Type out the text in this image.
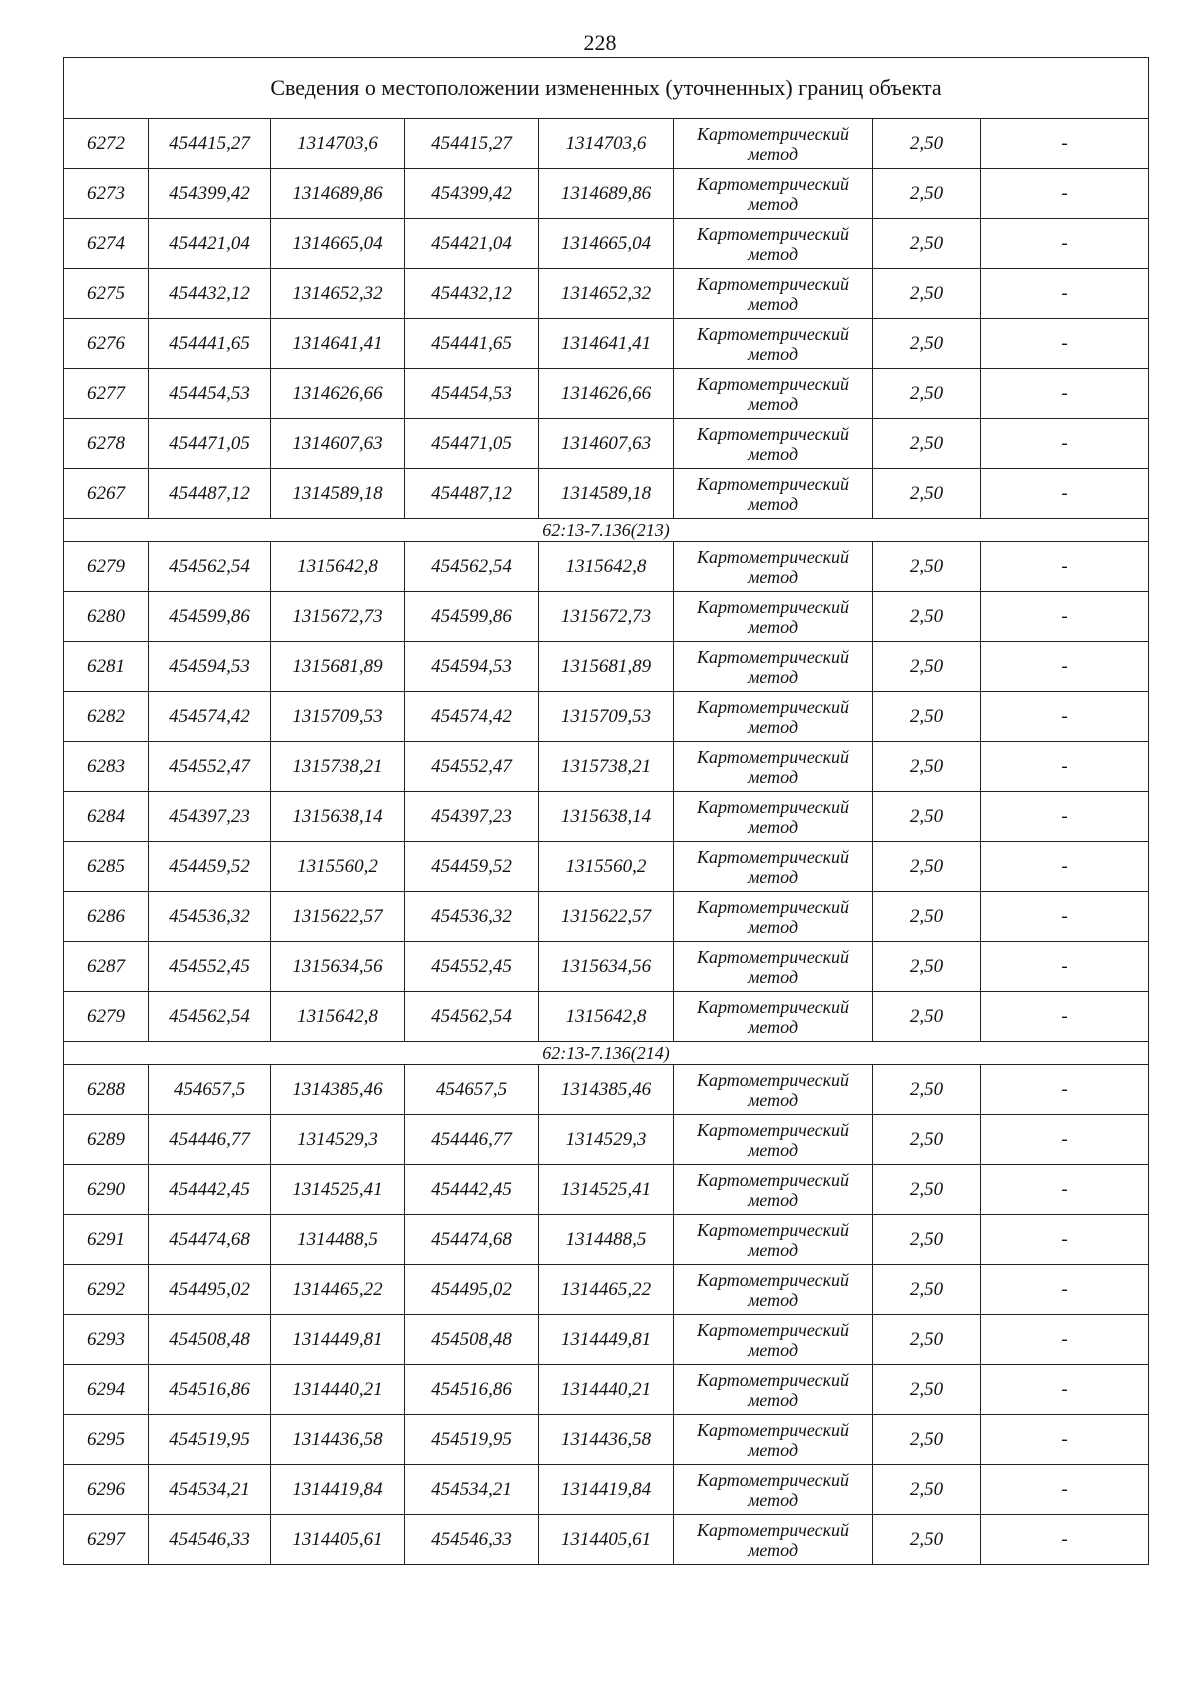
228
Сведения о местоположении измененных (уточненных) границ объекта							
6272	454415,27	1314703,6	454415,27	1314703,6	Картометрический метод	2,50	-
6273	454399,42	1314689,86	454399,42	1314689,86	Картометрический метод	2,50	-
6274	454421,04	1314665,04	454421,04	1314665,04	Картометрический метод	2,50	-
6275	454432,12	1314652,32	454432,12	1314652,32	Картометрический метод	2,50	-
6276	454441,65	1314641,41	454441,65	1314641,41	Картометрический метод	2,50	-
6277	454454,53	1314626,66	454454,53	1314626,66	Картометрический метод	2,50	-
6278	454471,05	1314607,63	454471,05	1314607,63	Картометрический метод	2,50	-
6267	454487,12	1314589,18	454487,12	1314589,18	Картометрический метод	2,50	-
62:13-7.136(213)							
6279	454562,54	1315642,8	454562,54	1315642,8	Картометрический метод	2,50	-
6280	454599,86	1315672,73	454599,86	1315672,73	Картометрический метод	2,50	-
6281	454594,53	1315681,89	454594,53	1315681,89	Картометрический метод	2,50	-
6282	454574,42	1315709,53	454574,42	1315709,53	Картометрический метод	2,50	-
6283	454552,47	1315738,21	454552,47	1315738,21	Картометрический метод	2,50	-
6284	454397,23	1315638,14	454397,23	1315638,14	Картометрический метод	2,50	-
6285	454459,52	1315560,2	454459,52	1315560,2	Картометрический метод	2,50	-
6286	454536,32	1315622,57	454536,32	1315622,57	Картометрический метод	2,50	-
6287	454552,45	1315634,56	454552,45	1315634,56	Картометрический метод	2,50	-
6279	454562,54	1315642,8	454562,54	1315642,8	Картометрический метод	2,50	-
62:13-7.136(214)							
6288	454657,5	1314385,46	454657,5	1314385,46	Картометрический метод	2,50	-
6289	454446,77	1314529,3	454446,77	1314529,3	Картометрический метод	2,50	-
6290	454442,45	1314525,41	454442,45	1314525,41	Картометрический метод	2,50	-
6291	454474,68	1314488,5	454474,68	1314488,5	Картометрический метод	2,50	-
6292	454495,02	1314465,22	454495,02	1314465,22	Картометрический метод	2,50	-
6293	454508,48	1314449,81	454508,48	1314449,81	Картометрический метод	2,50	-
6294	454516,86	1314440,21	454516,86	1314440,21	Картометрический метод	2,50	-
6295	454519,95	1314436,58	454519,95	1314436,58	Картометрический метод	2,50	-
6296	454534,21	1314419,84	454534,21	1314419,84	Картометрический метод	2,50	-
6297	454546,33	1314405,61	454546,33	1314405,61	Картометрический метод	2,50	-
